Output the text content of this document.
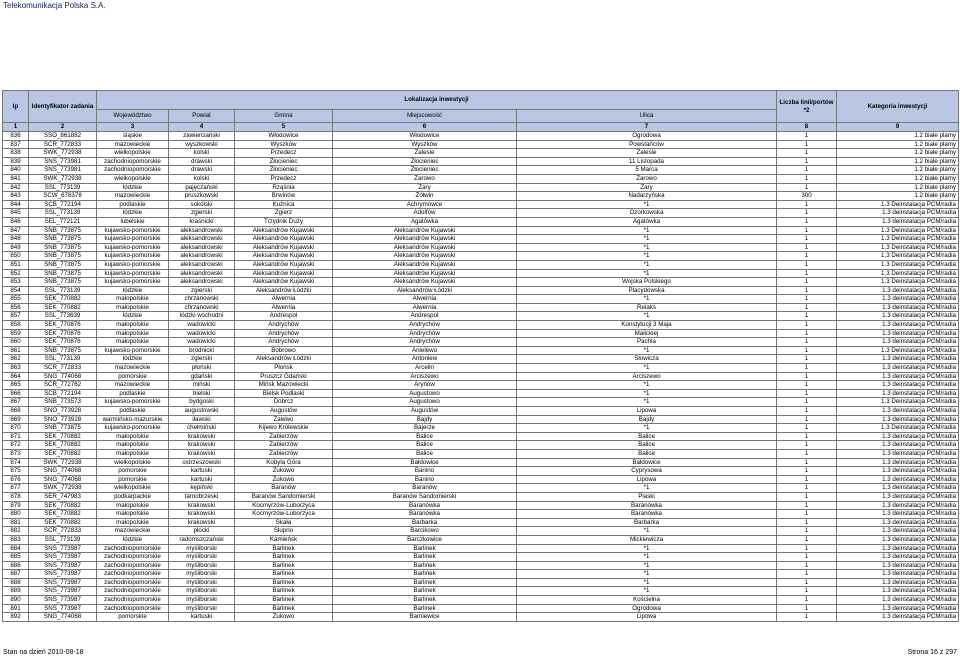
Telekomunikacja Polska S.A.
Raport z realizacji Deklaracji Inwestycyjnej Telekomunikacji Polskiej
w ramach Porozumienia z UKE z dn. 22 października 2009
lp	Identyfikator zadania	Lokalizacja inwestycji					Liczba linii/portów *2	Kategoria inwestycji
		Województwo	Powiat	Gmina	Miejscowość	Ulica		
1	2	3	4	5	6	7	8	9
836	SSO_861882	śląskie	zawierciański	Włodowice	Włodowice	Ogrodowa	1	1.2 białe plamy
837	SCR_772833	mazowieckie	wyszkowski	Wyszków	Wyszków	Powstańców	1	1.2 białe plamy
838	SWK_772938	wielkopolskie	kolski	Przedecz	Zalesie	Zalesie	1	1.2 białe plamy
839	SNS_773981	zachodniopomorskie	drawski	Złocieniec	Złocieniec	11 Listopada	1	1.2 białe plamy
840	SNS_773981	zachodniopomorskie	drawski	Złocieniec	Złocieniec	5 Marca	1	1.2 białe plamy
841	SWK_772938	wielkopolskie	kolski	Przedecz	Żarowo	Żarowo	1	1.2 białe plamy
842	SSL_773139	łódzkie	pajęczański	Rząśnia	Żary	Żary	1	1.2 białe plamy
843	SCW_678378	mazowieckie	pruszkowski	Brwinów	Żółwin	Nadarzyńska	300	1.2 białe plamy
844	SCB_772194	podlaskie	sokólski	Kuźnica	Achrymowce	*1	1	1.3 Deinstalacja PCM/radia
845	SSL_773139	łódzkie	zgierski	Zgierz	Adolfów	Ozorkowska	1	1.3 deinstalacja PCM/radia
846	SEL_772121	lubelskie	kraśnicki	Trzydnik Duży	Agatówka	Agatówka	1	1.3 deinstalacja PCM/radia
847	SNB_773875	kujawsko-pomorskie	aleksandrowski	Aleksandrów Kujawski	Aleksandrów Kujawski	*1	1	1.3 Deinstalacja PCM/radia
848	SNB_773875	kujawsko-pomorskie	aleksandrowski	Aleksandrów Kujawski	Aleksandrów Kujawski	*1	1	1.3 Deinstalacja PCM/radia
849	SNB_773875	kujawsko-pomorskie	aleksandrowski	Aleksandrów Kujawski	Aleksandrów Kujawski	*1	1	1.3 Deinstalacja PCM/radia
850	SNB_773875	kujawsko-pomorskie	aleksandrowski	Aleksandrów Kujawski	Aleksandrów Kujawski	*1	1	1.3 Deinstalacja PCM/radia
851	SNB_773875	kujawsko-pomorskie	aleksandrowski	Aleksandrów Kujawski	Aleksandrów Kujawski	*1	1	1.3 Deinstalacja PCM/radia
852	SNB_773875	kujawsko-pomorskie	aleksandrowski	Aleksandrów Kujawski	Aleksandrów Kujawski	*1	1	1.3 Deinstalacja PCM/radia
853	SNB_773875	kujawsko-pomorskie	aleksandrowski	Aleksandrów Kujawski	Aleksandrów Kujawski	Wojska Polskiego	1	1.3 Deinstalacja PCM/radia
854	SSL_773139	łódzkie	zgierski	Aleksandrów Łódzki	Aleksandrów Łódzki	Placydowska	1	1.3 deinstalacja PCM/radia
855	SEK_770882	małopolskie	chrzanowski	Alwernia	Alwernia	*1	1	1.3 deinstalacja PCM/radia
856	SEK_770882	małopolskie	chrzanowski	Alwernia	Alwernia	Relaks	1	1.3 deinstalacja PCM/radia
857	SSL_773639	łódzkie	łódzki wschodni	Andrespol	Andrespol	*1	1	1.3 deinstalacja PCM/radia
858	SEK_770876	małopolskie	wadowicki	Andrychów	Andrychów	Konstytucji 3 Maja	1	1.3 deinstalacja PCM/radia
859	SEK_770876	małopolskie	wadowicki	Andrychów	Andrychów	Malickiej	1	1.3 deinstalacja PCM/radia
860	SEK_770876	małopolskie	wadowicki	Andrychów	Andrychów	Pachla	1	1.3 deinstalacja PCM/radia
861	SNB_773875	kujawsko-pomorskie	brodnicki	Bobrowo	Anielewo	*1	1	1.3 Deinstalacja PCM/radia
862	SSL_773139	łódzkie	zgierski	Aleksandrów Łódzki	Antoniew	Słowicza	1	1.3 deinstalacja PCM/radia
863	SCR_772833	mazowieckie	płoński	Płońsk	Arcelin	*1	1	1.3 deinstalacja PCM/radia
864	SNG_774068	pomorskie	gdański	Pruszcz Gdański	Arciszewo	Arciszewo	1	1.3 deinstalacja PCM/radia
865	SCR_772762	mazowieckie	miński	Mińsk Mazowiecki	Aryńów	*1	1	1.3 deinstalacja PCM/radia
866	SCB_772194	podlaskie	bielski	Bielsk Podlaski	Augustowo	*1	1	1.3 deinstalacja PCM/radia
867	SNB_773573	kujawsko-pomorskie	bydgoski	Dobrcz	Augustowo	*1	1	1.3 Deinstalacja PCM/radia
868	SNO_773928	podlaskie	augustowski	Augustów	Augustów	Lipowa	1	1.3 deinstalacja PCM/radia
869	SNO_773928	warmińsko-mazurskie	iławski	Zalewo	Bajdy	Bajdy	1	1.3 deinstalacja PCM/radia
870	SNB_773875	kujawsko-pomorskie	chełmiński	Kijewo Królewskie	Bajerze	*1	1	1.3 Deinstalacja PCM/radia
871	SEK_770882	małopolskie	krakowski	Zabierzów	Balice	Balice	1	1.3 deinstalacja PCM/radia
872	SEK_770882	małopolskie	krakowski	Zabierzów	Balice	Balice	1	1.3 deinstalacja PCM/radia
873	SEK_770882	małopolskie	krakowski	Zabierzów	Balice	Balice	1	1.3 deinstalacja PCM/radia
874	SWK_772938	wielkopolskie	ostrzeszowski	Kobyla Góra	Bałdowice	Bałdowice	1	1.3 deinstalacja PCM/radia
875	SNG_774068	pomorskie	kartuski	Żukowo	Banino	Cyprysowa	1	1.3 deinstalacja PCM/radia
876	SNG_774068	pomorskie	kartuski	Żukowo	Banino	Lipowa	1	1.3 deinstalacja PCM/radia
877	SWK_772938	wielkopolskie	kępiński	Baranów	Baranów	*1	1	1.3 deinstalacja PCM/radia
878	SER_747983	podkarpackie	tarnobrzeski	Baranów Sandomierski	Baranów Sandomierski	Piaski	1	1.3 deinstalacja PCM/radia
879	SEK_770882	małopolskie	krakowski	Kocmyrzów-Luborzyca	Baranówka	Baranówka	1	1.3 deinstalacja PCM/radia
880	SEK_770882	małopolskie	krakowski	Kocmyrzów-Luborzyca	Baranówka	Baranówka	1	1.3 deinstalacja PCM/radia
881	SEK_770882	małopolskie	krakowski	Skała	Barbarka	Barbarka	1	1.3 deinstalacja PCM/radia
882	SCR_772833	mazowieckie	płocki	Słupno	Barcikowo	*1	1	1.3 deinstalacja PCM/radia
883	SSL_773139	łódzkie	radomszczański	Kamieńsk	Barczkowice	Mickiewicza	1	1.3 deinstalacja PCM/radia
884	SNS_773987	zachodniopomorskie	myśliborski	Barlinek	Barlinek	*1	1	1.3 deinstalacja PCM/radia
885	SNS_773987	zachodniopomorskie	myśliborski	Barlinek	Barlinek	*1	1	1.3 deinstalacja PCM/radia
886	SNS_773987	zachodniopomorskie	myśliborski	Barlinek	Barlinek	*1	1	1.3 deinstalacja PCM/radia
887	SNS_773987	zachodniopomorskie	myśliborski	Barlinek	Barlinek	*1	1	1.3 deinstalacja PCM/radia
888	SNS_773987	zachodniopomorskie	myśliborski	Barlinek	Barlinek	*1	1	1.3 deinstalacja PCM/radia
889	SNS_773987	zachodniopomorskie	myśliborski	Barlinek	Barlinek	*1	1	1.3 deinstalacja PCM/radia
890	SNS_773987	zachodniopomorskie	myśliborski	Barlinek	Barlinek	Kościelna	1	1.3 deinstalacja PCM/radia
891	SNS_773987	zachodniopomorskie	myśliborski	Barlinek	Barlinek	Ogrodowa	1	1.3 deinstalacja PCM/radia
892	SNG_774068	pomorskie	kartuski	Żukowo	Barniewice	Lipowa	1	1.3 deinstalacja PCM/radia
Stan na dzień 2010-08-18	Strona 16 z 297
